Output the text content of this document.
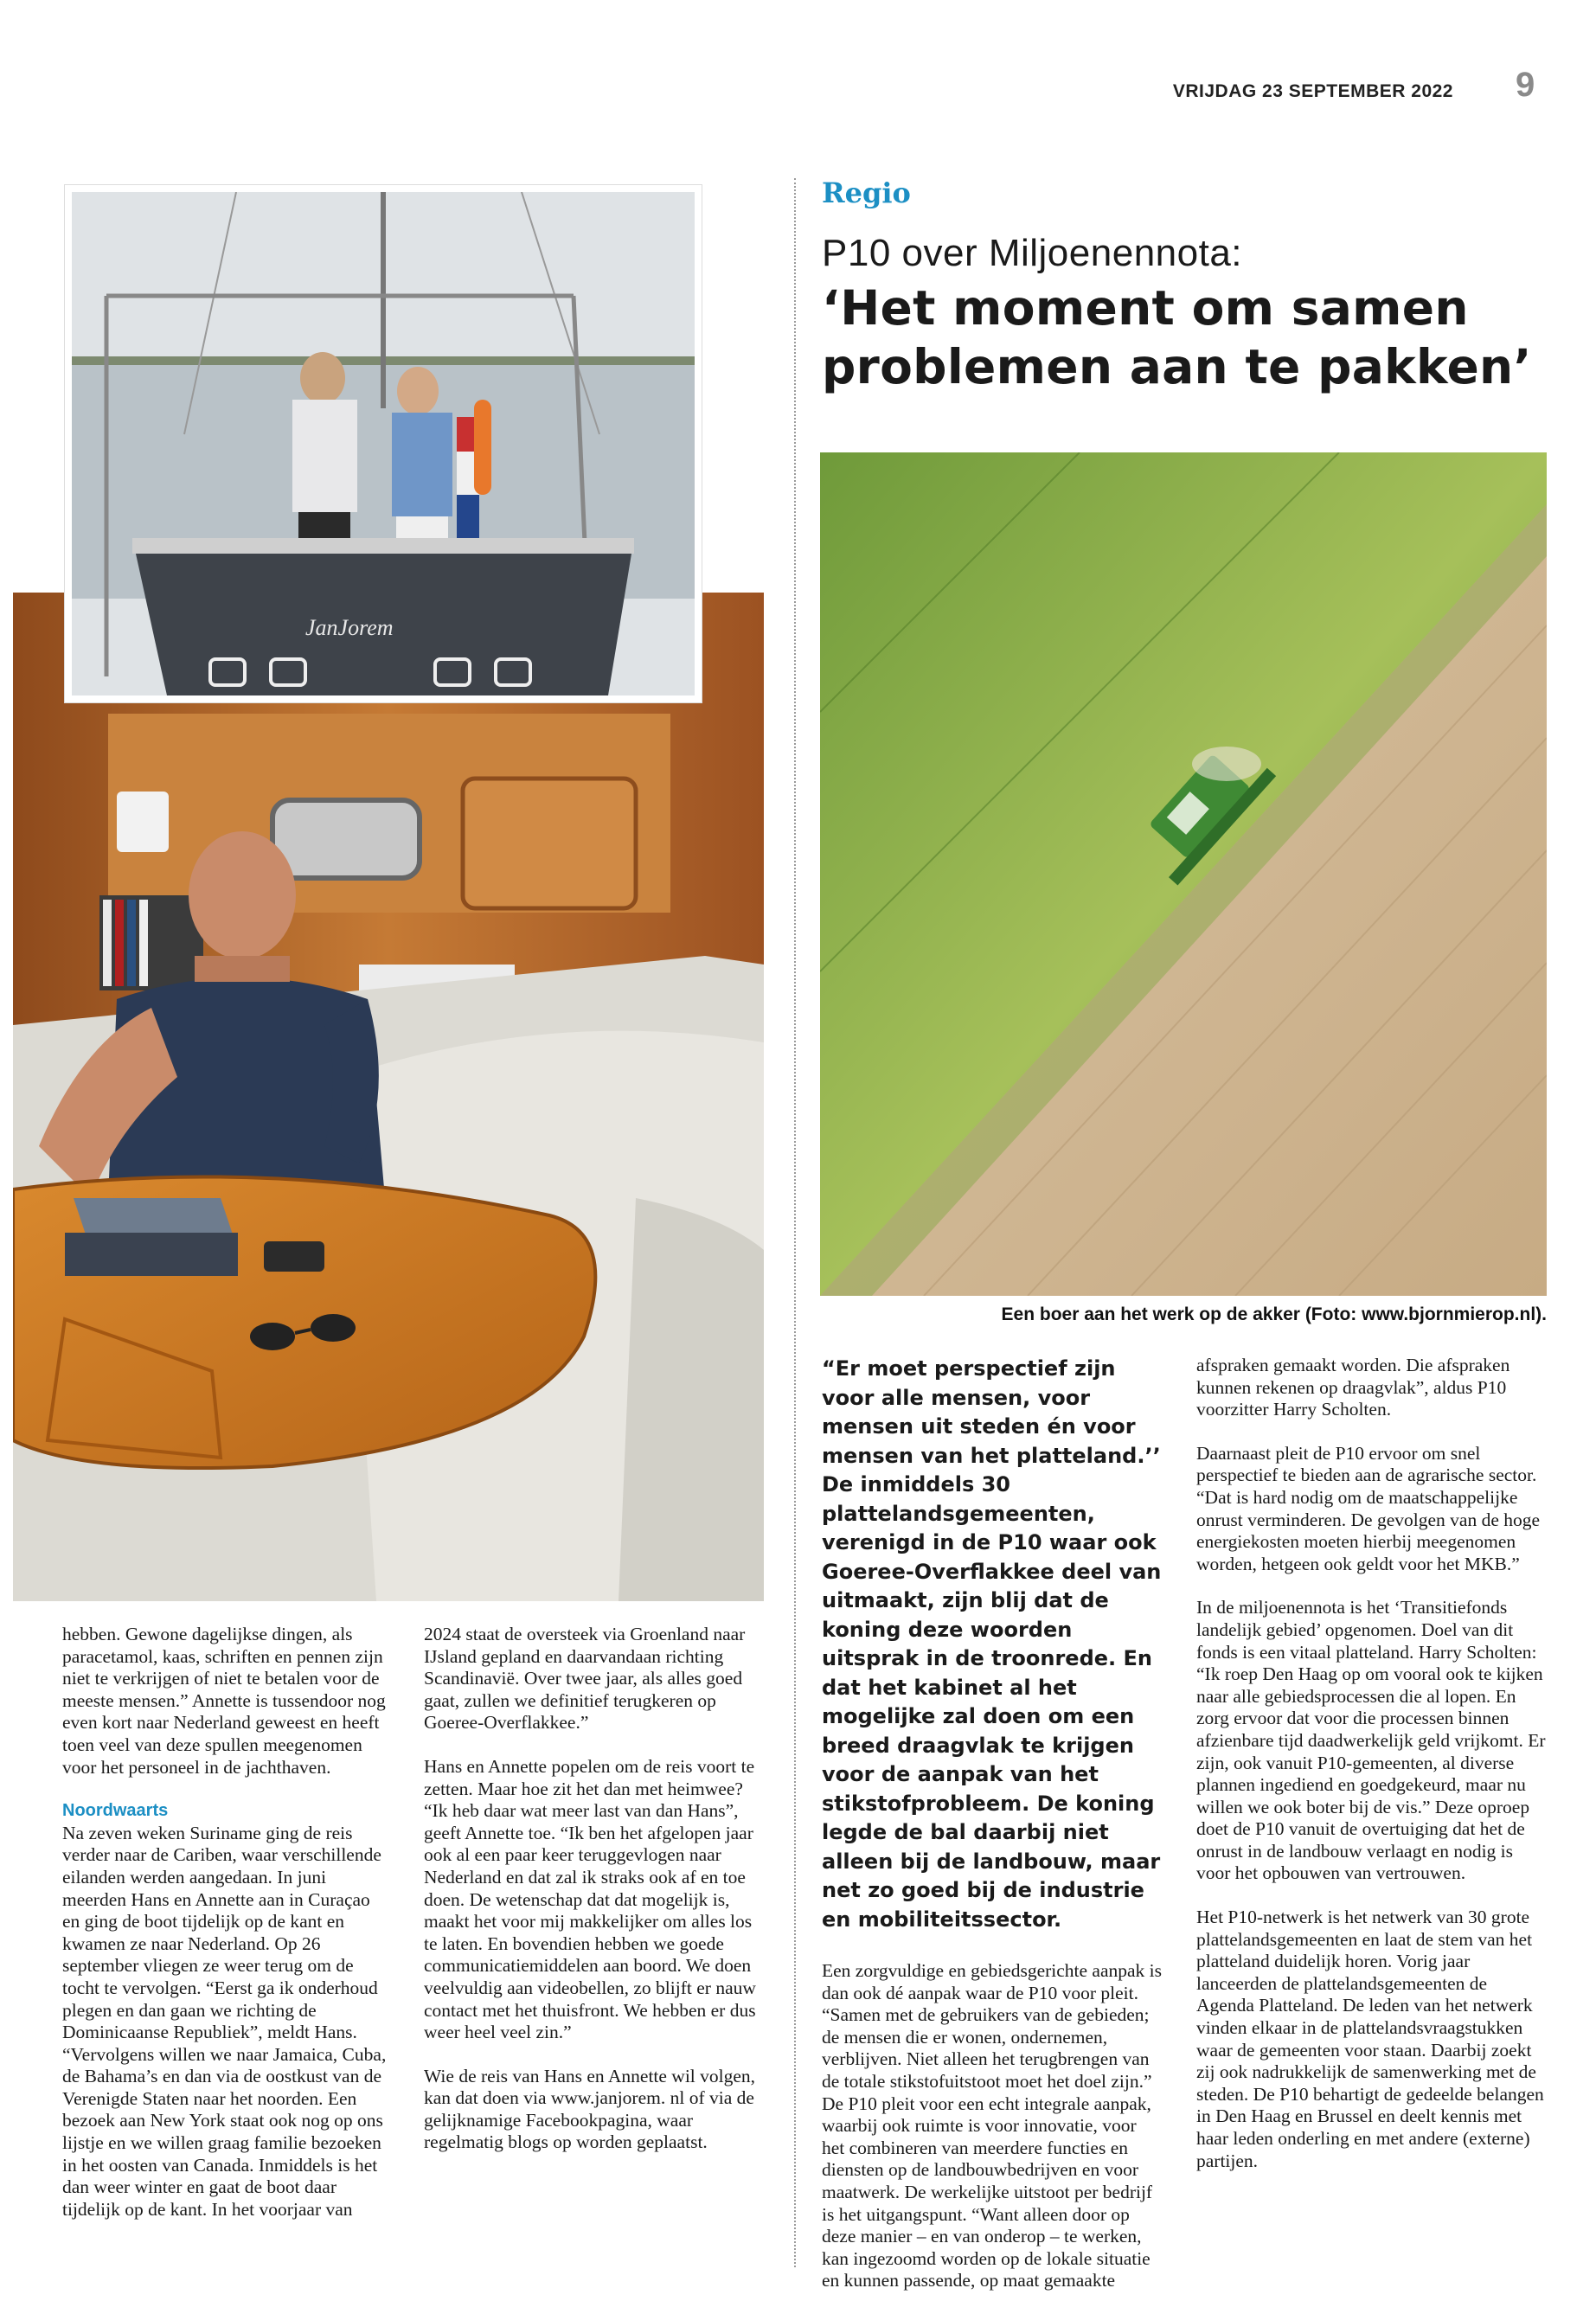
VRIJDAG 23 SEPTEMBER 2022 9
JanJorem
Regio
P10 over Miljoenennota:
‘Het moment om samen problemen aan te pakken’
Een boer aan het werk op de akker (Foto: www.bjornmierop.nl).

hebben. Gewone dagelijkse dingen, als paracetamol, kaas, schriften en pennen zijn niet te verkrijgen of niet te betalen voor de meeste mensen.” Annette is tussendoor nog even kort naar Nederland geweest en heeft toen veel van deze spullen meegenomen voor het personeel in de jachthaven.

Noordwaarts

Na zeven weken Suriname ging de reis verder naar de Cariben, waar verschillende eilanden werden aangedaan. In juni meerden Hans en Annette aan in Curaçao en ging de boot tijdelijk op de kant en kwamen ze naar Nederland. Op 26 september vliegen ze weer terug om de tocht te vervolgen. “Eerst ga ik onderhoud plegen en dan gaan we richting de Dominicaanse Republiek”, meldt Hans. “Vervolgens willen we naar Jamaica, Cuba, de Bahama’s en dan via de oostkust van de Verenigde Staten naar het noorden. Een bezoek aan New York staat ook nog op ons lijstje en we willen graag familie bezoeken in het oosten van Canada. Inmiddels is het dan weer winter en gaat de boot daar tijdelijk op de kant. In het voorjaar van

2024 staat de oversteek via Groenland naar IJsland gepland en daarvandaan richting Scandinavië. Over twee jaar, als alles goed gaat, zullen we definitief terugkeren op Goeree-Overflakkee.”

Hans en Annette popelen om de reis voort te zetten. Maar hoe zit het dan met heimwee? “Ik heb daar wat meer last van dan Hans”, geeft Annette toe. “Ik ben het afgelopen jaar ook al een paar keer teruggevlogen naar Nederland en dat zal ik straks ook af en toe doen. De wetenschap dat dat mogelijk is, maakt het voor mij makkelijker om alles los te laten. En bovendien hebben we goede communicatiemiddelen aan boord. We doen veelvuldig aan videobellen, zo blijft er nauw contact met het thuisfront. We hebben er dus weer heel veel zin.”

Wie de reis van Hans en Annette wil volgen, kan dat doen via www.janjorem. nl of via de gelijknamige Facebookpagina, waar regelmatig blogs op worden geplaatst.

“Er moet perspectief zijn voor alle mensen, voor mensen uit steden én voor mensen van het platteland.’’ De inmiddels 30 plattelandsgemeenten, verenigd in de P10 waar ook Goeree-Overflakkee deel van uitmaakt, zijn blij dat de koning deze woorden uitsprak in de troonrede. En dat het kabinet al het mogelijke zal doen om een breed draagvlak te krijgen voor de aanpak van het stikstofprobleem. De koning legde de bal daarbij niet alleen bij de landbouw, maar net zo goed bij de industrie en mobiliteitssector.

Een zorgvuldige en gebiedsgerichte aanpak is dan ook dé aanpak waar de P10 voor pleit. “Samen met de gebruikers van de gebieden; de mensen die er wonen, ondernemen, verblijven. Niet alleen het terugbrengen van de totale stikstofuitstoot moet het doel zijn.” De P10 pleit voor een echt integrale aanpak, waarbij ook ruimte is voor innovatie, voor het combineren van meerdere functies en diensten op de landbouwbedrijven en voor maatwerk. De werkelijke uitstoot per bedrijf is het uitgangspunt. “Want alleen door op deze manier – en van onderop – te werken, kan ingezoomd worden op de lokale situatie en kunnen passende, op maat gemaakte

afspraken gemaakt worden. Die afspraken kunnen rekenen op draagvlak”, aldus P10 voorzitter Harry Scholten.

Daarnaast pleit de P10 ervoor om snel perspectief te bieden aan de agrarische sector. “Dat is hard nodig om de maatschappelijke onrust verminderen. De gevolgen van de hoge energiekosten moeten hierbij meegenomen worden, hetgeen ook geldt voor het MKB.”

In de miljoenennota is het ‘Transitiefonds landelijk gebied’ opgenomen. Doel van dit fonds is een vitaal platteland. Harry Scholten: “Ik roep Den Haag op om vooral ook te kijken naar alle gebiedsprocessen die al lopen. En zorg ervoor dat voor die processen binnen afzienbare tijd daadwerkelijk geld vrijkomt. Er zijn, ook vanuit P10-gemeenten, al diverse plannen ingediend en goedgekeurd, maar nu willen we ook boter bij de vis.” Deze oproep doet de P10 vanuit de overtuiging dat het de onrust in de landbouw verlaagt en nodig is voor het opbouwen van vertrouwen.

Het P10-netwerk is het netwerk van 30 grote plattelandsgemeenten en laat de stem van het platteland duidelijk horen. Vorig jaar lanceerden de plattelandsgemeenten de Agenda Platteland. De leden van het netwerk vinden elkaar in de plattelandsvraagstukken waar de gemeenten voor staan. Daarbij zoekt zij ook nadrukkelijk de samenwerking met de steden. De P10 behartigt de gedeelde belangen in Den Haag en Brussel en deelt kennis met haar leden onderling en met andere (externe) partijen.
